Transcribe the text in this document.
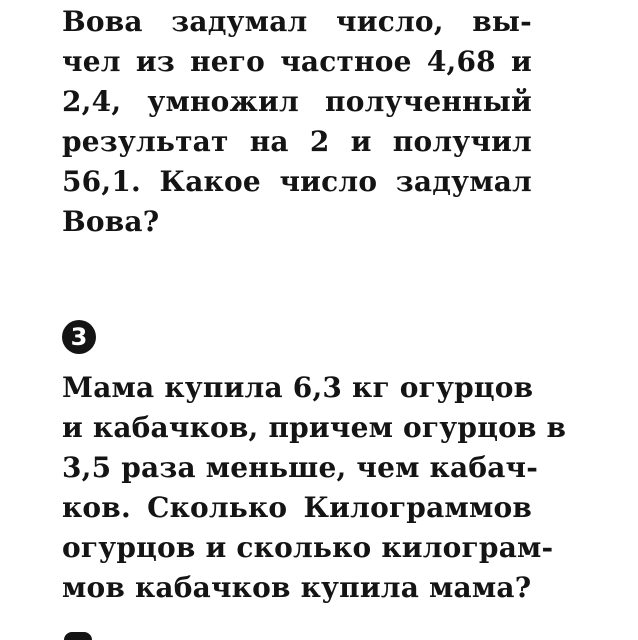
Вова задумал число, вы-
чел из него частное 4,68 и
2,4, умножил полученный
результат на 2 и получил
56,1. Какое число задумал
Вова?
3
Мама купила 6,3 кг огурцов
и кабачков, причем огурцов в
3,5 раза меньше, чем кабач-
ков. Сколько Килограммов
огурцов и сколько килограм-
мов кабачков купила мама?
